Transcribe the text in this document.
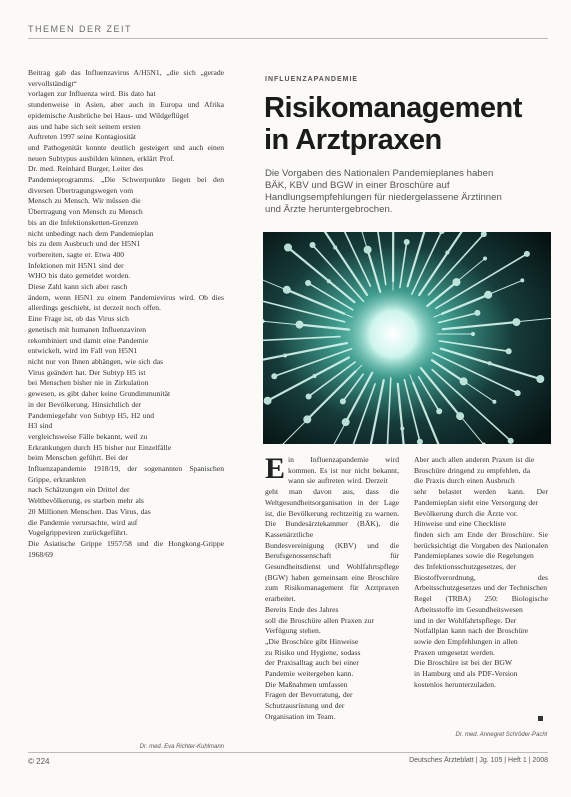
THEMEN DER ZEIT
Beitrag gab das Influenzavirus A/H5N1, „die sich „gerade vervollständigt“
vorlagen zur Influenza wird. Bis dato hat
stundenweise in Asien, aber auch in Europa und Afrika epidemische Ausbrüche bei Haus- und Wildgeflügel
aus und habe sich seit seinem ersten
Auftreten 1997 seine Kontagiosität
und Pathogenität konnte deutlich gesteigert und auch einen neuen Subtypus ausbilden können, erklärt Prof.
Dr. med. Reinhard Burger, Leiter des
Pandemieprogramms. „Die Schwerpunkte liegen bei den diversen Übertragungswegen vom
Mensch zu Mensch. Wir müssen die
Übertragung von Mensch zu Mensch
bis an die Infektionsketten-Grenzen
nicht unbedingt nach dem Pandemieplan
bis zu dem Ausbruch und der H5N1
vorbereiten, sagte er. Etwa 400
Infektionen mit H5N1 sind der
WHO bis dato gemeldet worden.
Diese Zahl kann sich aber rasch
ändern, wenn H5N1 zu einem Pandemievirus wird. Ob dies allerdings geschieht, ist derzeit noch offen.
Eine Frage ist, ob das Virus sich
genetisch mit humanen Influenzaviren
rekombiniert und damit eine Pandemie
entwickelt, wird im Fall von H5N1
nicht nur von Ihnen abhängen, wie sich das
Virus geändert hat. Der Subtyp H5 ist
bei Menschen bisher nie in Zirkulation
gewesen, es gibt daher keine Grundimmunität
in der Bevölkerung. Hinsichtlich der
Pandemiegefahr von Subtyp H5, H2 und
H3 sind
vergleichsweise Fälle bekannt, weil zu
Erkrankungen durch H5 bisher nur Einzelfälle
beim Menschen geführt. Bei der
Influenzapandemie 1918/19, der sogenannten Spanischen Grippe, erkrankten
nach Schätzungen ein Drittel der
Weltbevölkerung, es starben mehr als
20 Millionen Menschen. Das Virus, das
die Pandemie verursachte, wird auf
Vogelgrippeviren zurückgeführt.
Die Asiatische Grippe 1957/58 und die Hongkong-Grippe 1968/69
Dr. med. Eva Richter-Kuhlmann
INFLUENZAPANDEMIE
Risikomanagement
in Arztpraxen
Die Vorgaben des Nationalen Pandemieplanes haben
BÄK, KBV und BGW in einer Broschüre auf Handlungsempfehlungen für niedergelassene Ärztinnen
und Ärzte heruntergebrochen.
E in Influenzapandemie wird kommen. Es ist nur nicht bekannt, wann sie auftreten wird. Derzeit
geht man davon aus, dass die Weltgesundheitsorganisation in der Lage ist, die Bevölkerung rechtzeitig zu warnen. Die Bundesärztekammer (BÄK), die Kassenärztliche
Bundesvereinigung (KBV) und die Berufsgenossenschaft für Gesundheitsdienst und Wohlfahrtspflege (BGW) haben gemeinsam eine Broschüre zum Risikomanagement für Arztpraxen erarbeitet.
Bereits Ende des Jahres
soll die Broschüre allen Praxen zur
Verfügung stehen.
„Die Broschüre gibt Hinweise
zu Risiko und Hygiene, sodass
der Praxisalltag auch bei einer
Pandemie weitergehen kann.
Die Maßnahmen umfassen
Fragen der Bevorratung, der
Schutzausrüstung und der
Organisation im Team.
Aber auch allen anderen Praxen ist die
Broschüre dringend zu empfehlen, da
die Praxis durch einen Ausbruch
sehr belastet werden kann. Der Pandemieplan sieht eine Versorgung der
Bevölkerung durch die Ärzte vor.
Hinweise und eine Checkliste
finden sich am Ende der Broschüre. Sie berücksichtigt die Vorgaben des Nationalen Pandemieplanes sowie die Regelungen
des Infektionsschutzgesetzes, der
Biostoffverordnung, des Arbeitsschutzgesetzes und der Technischen
Regel (TRBA) 250: Biologische Arbeitsstoffe im Gesundheitswesen
und in der Wohlfahrtspflege. Der
Notfallplan kann nach der Broschüre
sowie den Empfehlungen in allen
Praxen umgesetzt werden.
Die Broschüre ist bei der BGW
in Hamburg und als PDF-Version
kostenlos herunterzuladen.
Dr. med. Annegret Schröder-Pachl
© 224	Deutsches Ärzteblatt | Jg. 105 | Heft 1 | 2008
